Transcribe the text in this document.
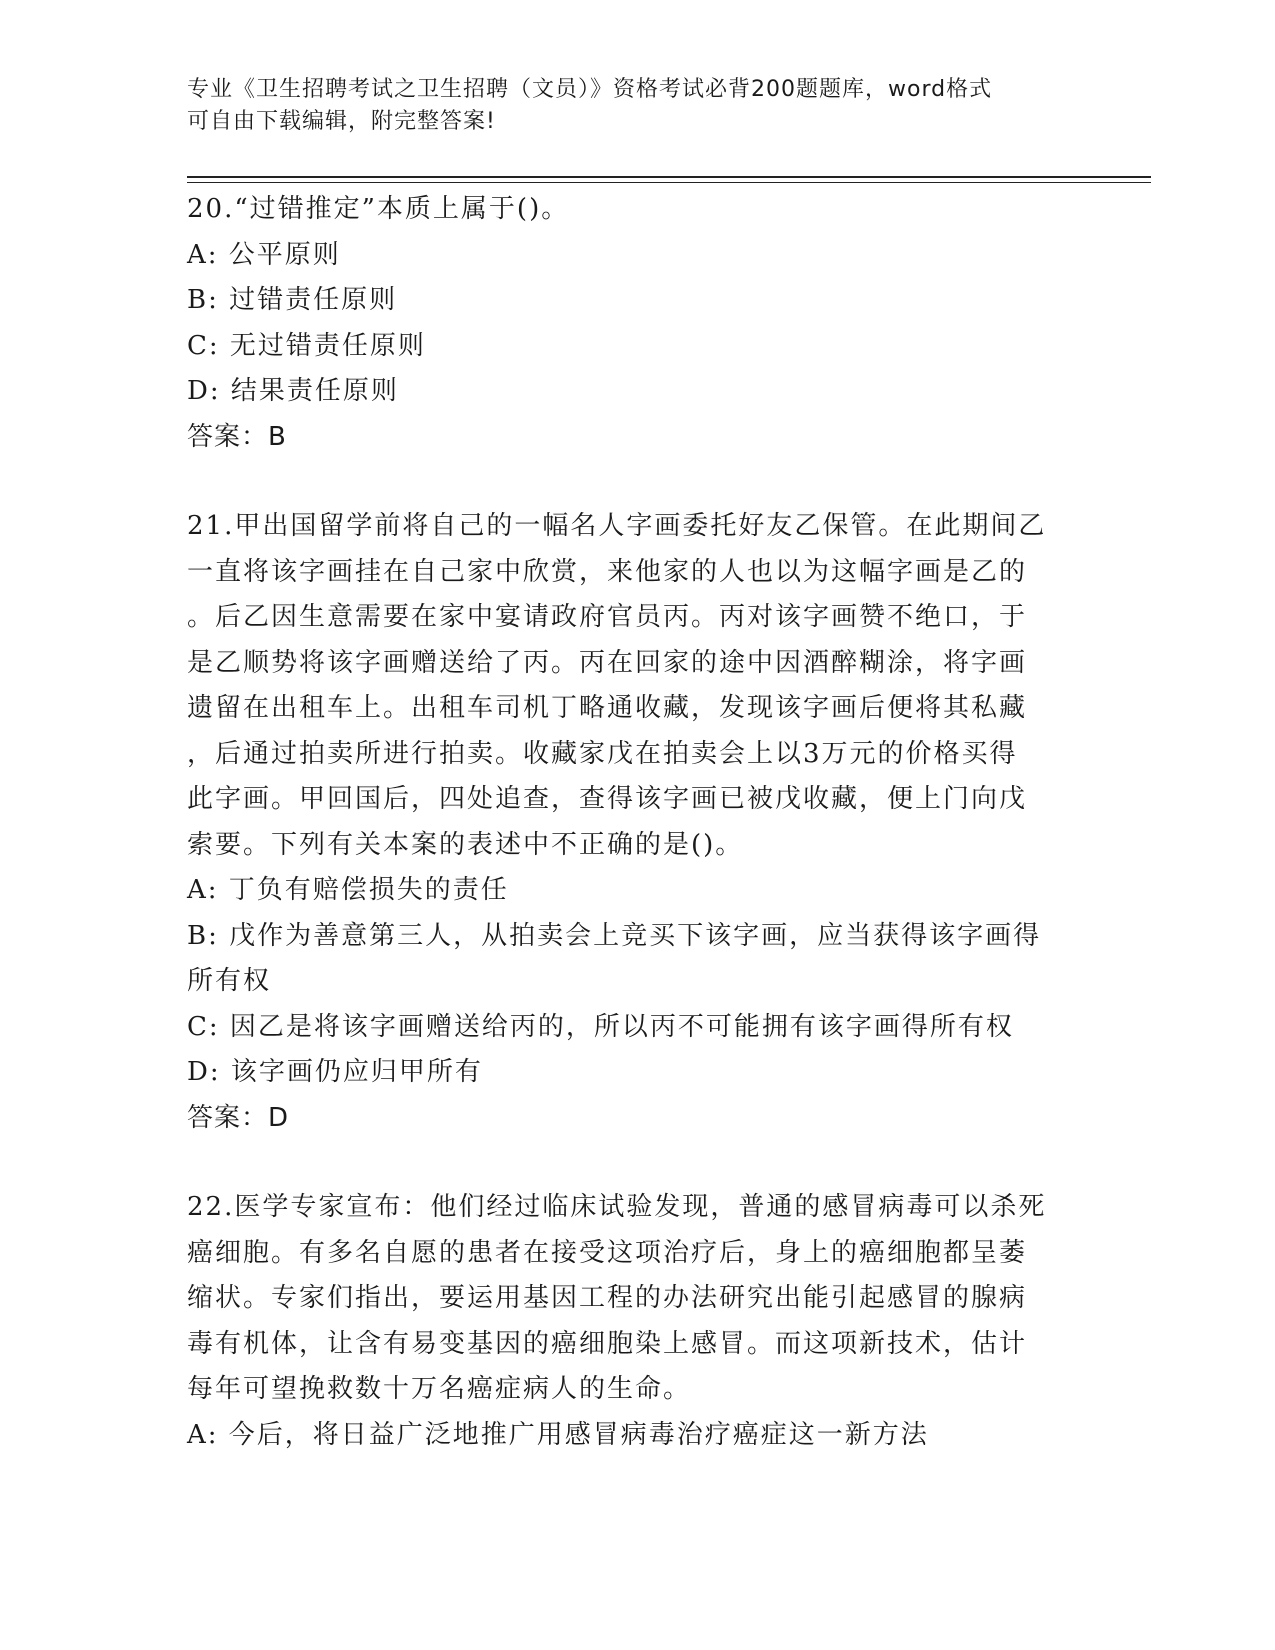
专业《卫生招聘考试之卫生招聘（文员）》资格考试必背200题题库，word格式
可自由下载编辑，附完整答案!
20.“过错推定”本质上属于()。
A: 公平原则
B: 过错责任原则
C: 无过错责任原则
D: 结果责任原则
答案：B
21.甲出国留学前将自己的一幅名人字画委托好友乙保管。在此期间乙
一直将该字画挂在自己家中欣赏，来他家的人也以为这幅字画是乙的
。后乙因生意需要在家中宴请政府官员丙。丙对该字画赞不绝口，于
是乙顺势将该字画赠送给了丙。丙在回家的途中因酒醉糊涂，将字画
遗留在出租车上。出租车司机丁略通收藏，发现该字画后便将其私藏
，后通过拍卖所进行拍卖。收藏家戊在拍卖会上以3万元的价格买得
此字画。甲回国后，四处追查，查得该字画已被戊收藏，便上门向戊
索要。下列有关本案的表述中不正确的是()。
A: 丁负有赔偿损失的责任
B: 戊作为善意第三人，从拍卖会上竞买下该字画，应当获得该字画得
所有权
C: 因乙是将该字画赠送给丙的，所以丙不可能拥有该字画得所有权
D: 该字画仍应归甲所有
答案：D
22.医学专家宣布：他们经过临床试验发现，普通的感冒病毒可以杀死
癌细胞。有多名自愿的患者在接受这项治疗后，身上的癌细胞都呈萎
缩状。专家们指出，要运用基因工程的办法研究出能引起感冒的腺病
毒有机体，让含有易变基因的癌细胞染上感冒。而这项新技术，估计
每年可望挽救数十万名癌症病人的生命。
A: 今后，将日益广泛地推广用感冒病毒治疗癌症这一新方法
